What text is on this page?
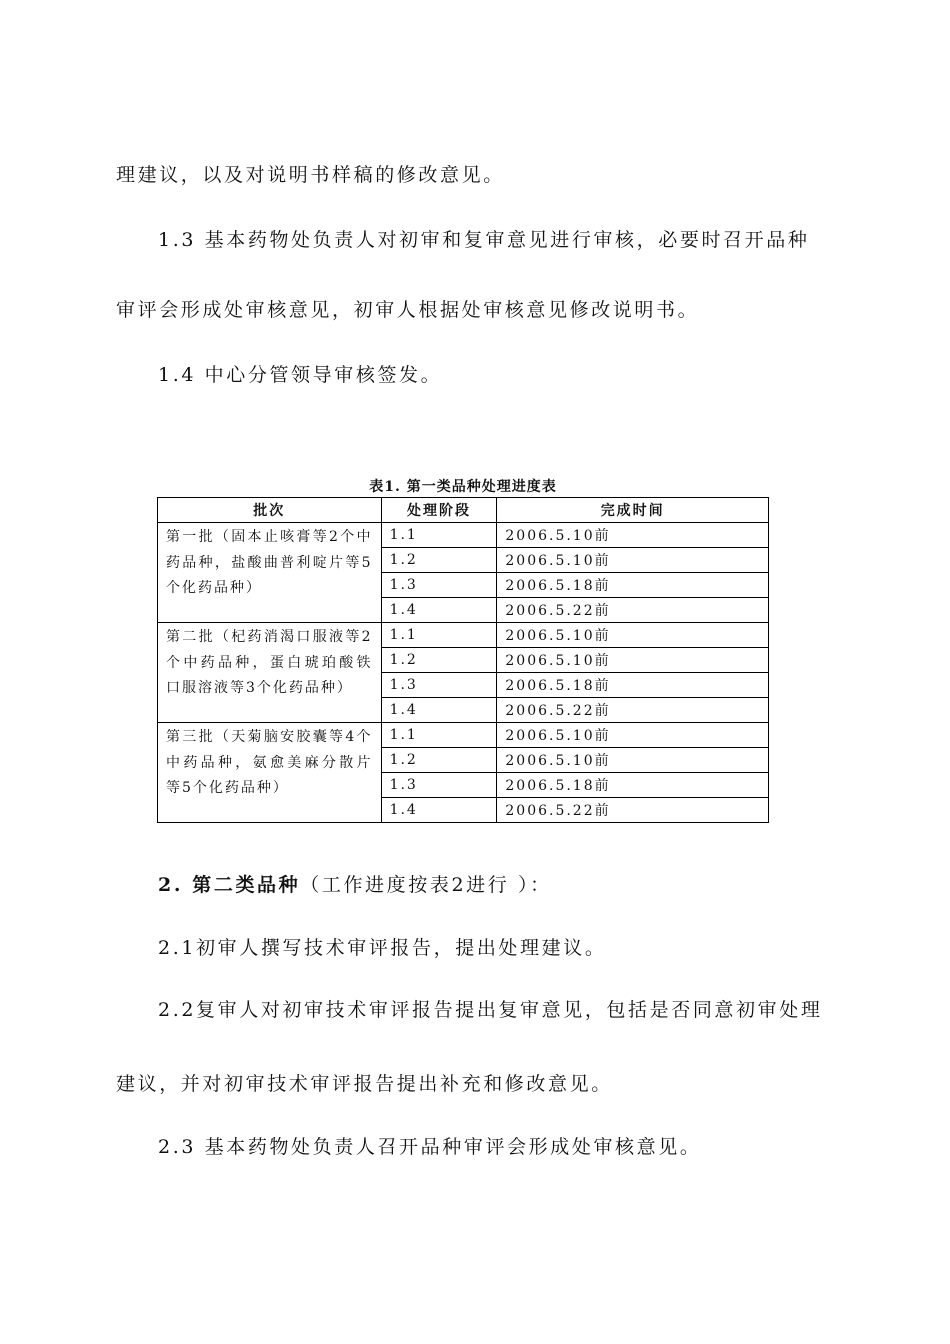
理建议，以及对说明书样稿的修改意见。

1.3 基本药物处负责人对初审和复审意见进行审核，必要时召开品种

审评会形成处审核意见，初审人根据处审核意见修改说明书。

1.4 中心分管领导审核签发。

表1. 第一类品种处理进度表

批次	处理阶段	完成时间
第一批（固本止咳膏等2个中药品种，盐酸曲普利啶片等5个化药品种）	1.1	2006.5.10前
	1.2	2006.5.10前
	1.3	2006.5.18前
	1.4	2006.5.22前
第二批（杞药消渴口服液等2个中药品种，蛋白琥珀酸铁口服溶液等3个化药品种）	1.1	2006.5.10前
	1.2	2006.5.10前
	1.3	2006.5.18前
	1.4	2006.5.22前
第三批（天菊脑安胶囊等4个中药品种，氨愈美麻分散片等5个化药品种）	1.1	2006.5.10前
	1.2	2006.5.10前
	1.3	2006.5.18前
	1.4	2006.5.22前

2. 第二类品种（工作进度按表2进行 ）：

2.1初审人撰写技术审评报告，提出处理建议。

2.2复审人对初审技术审评报告提出复审意见，包括是否同意初审处理

建议，并对初审技术审评报告提出补充和修改意见。

2.3 基本药物处负责人召开品种审评会形成处审核意见。
